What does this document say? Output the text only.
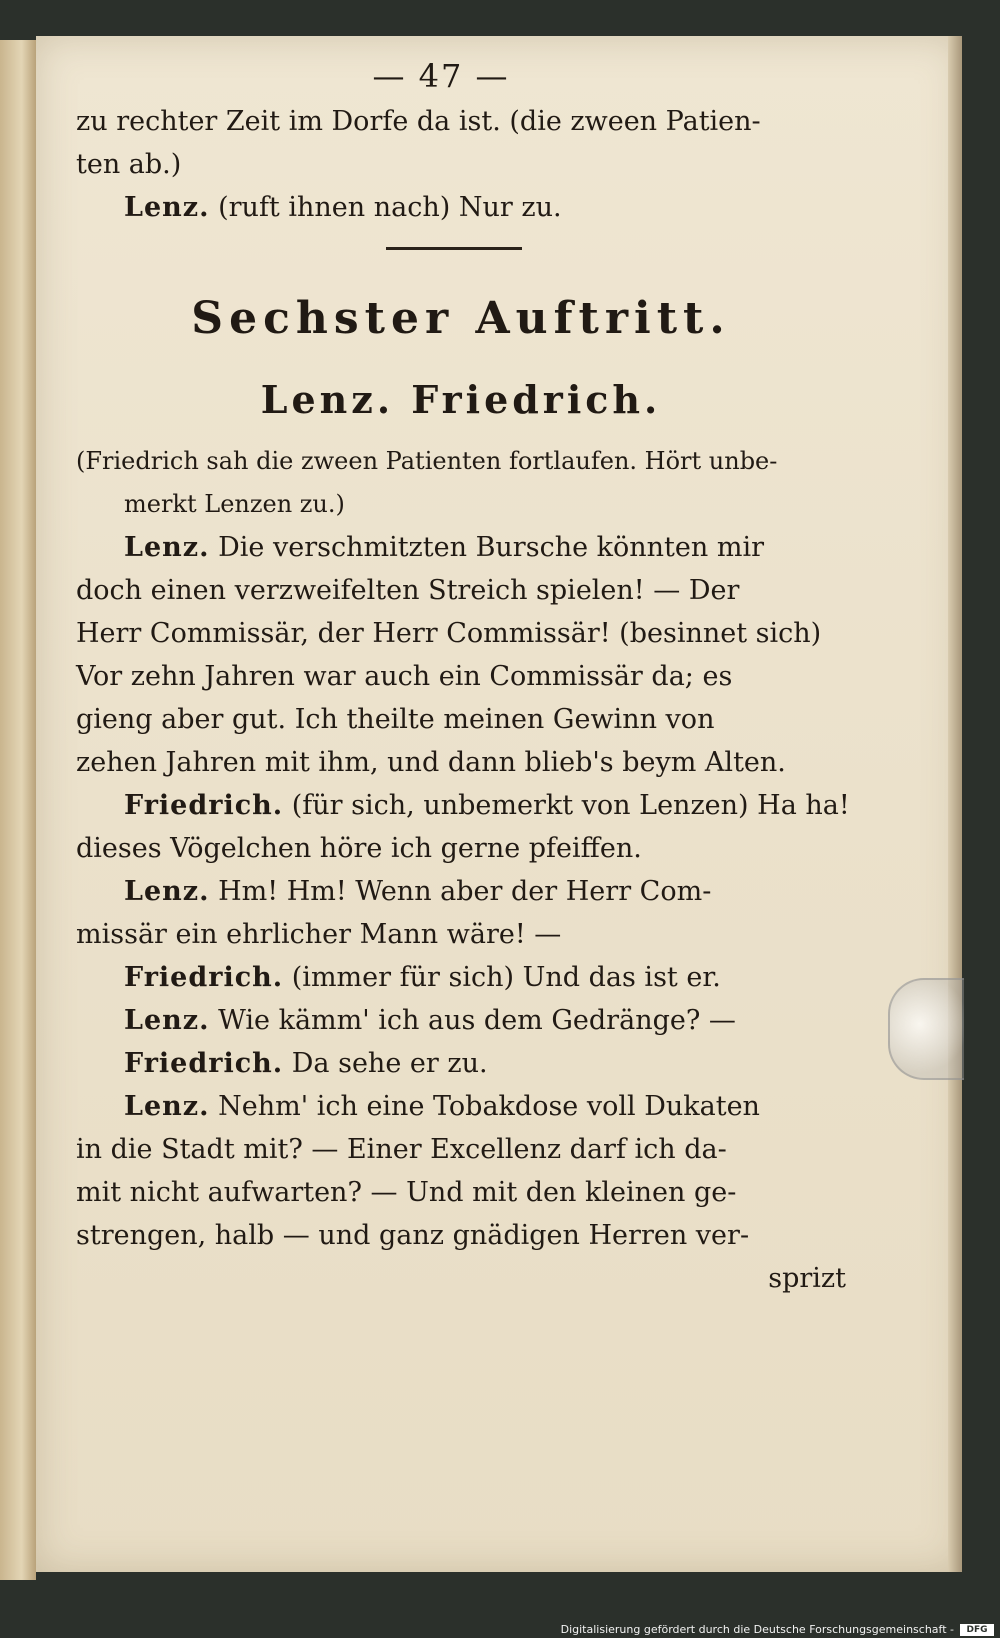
— 47 —
zu rechter Zeit im Dorfe da ist. (die zween Patien-
ten ab.)
Lenz. (ruft ihnen nach) Nur zu.
Sechster Auftritt.
Lenz. Friedrich.
(Friedrich sah die zween Patienten fortlaufen. Hört unbe-
merkt Lenzen zu.)
Lenz. Die verschmitzten Bursche könnten mir
doch einen verzweifelten Streich spielen! — Der
Herr Commissär, der Herr Commissär! (besinnet sich)
Vor zehn Jahren war auch ein Commissär da; es
gieng aber gut. Ich theilte meinen Gewinn von
zehen Jahren mit ihm, und dann blieb's beym Alten.
Friedrich. (für sich, unbemerkt von Lenzen) Ha ha!
dieses Vögelchen höre ich gerne pfeiffen.
Lenz. Hm! Hm! Wenn aber der Herr Com-
missär ein ehrlicher Mann wäre! —
Friedrich. (immer für sich) Und das ist er.
Lenz. Wie kämm' ich aus dem Gedränge? —
Friedrich. Da sehe er zu.
Lenz. Nehm' ich eine Tobakdose voll Dukaten
in die Stadt mit? — Einer Excellenz darf ich da-
mit nicht aufwarten? — Und mit den kleinen ge-
strengen, halb — und ganz gnädigen Herren ver-
sprizt
Digitalisierung gefördert durch die Deutsche Forschungsgemeinschaft -	DFG
